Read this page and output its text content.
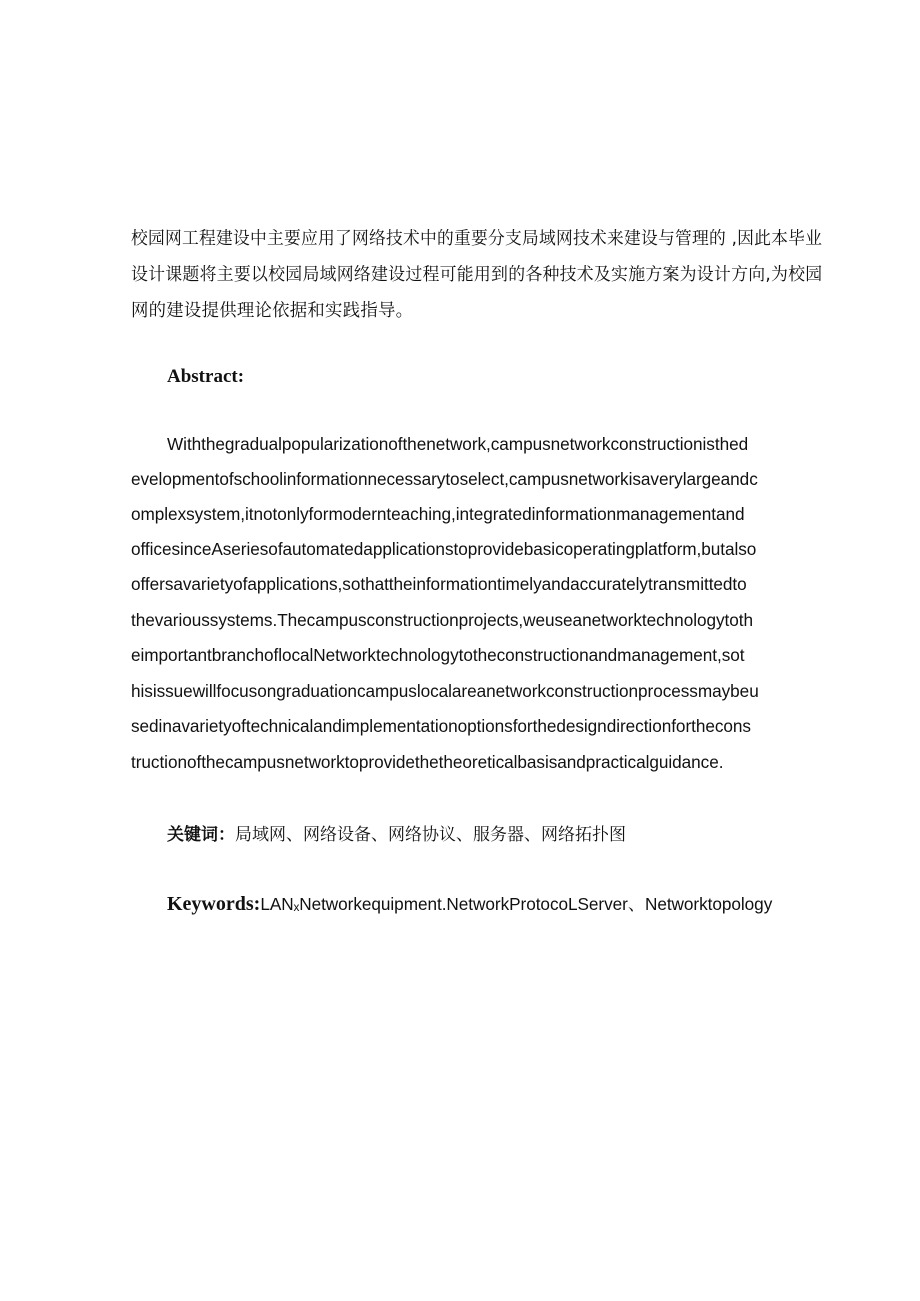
校园网工程建设中主要应用了网络技术中的重要分支局域网技术来建设与管理的 ,因此本毕业

设计课题将主要以校园局域网络建设过程可能用到的各种技术及实施方案为设计方向,为校园

网的建设提供理论依据和实践指导。

Abstract:

Withthegradualpopularizationofthenetwork,campusnetworkconstructionisthed

evelopmentofschoolinformationnecessarytoselect,campusnetworkisaverylargeandc

omplexsystem,itnotonlyformodernteaching,integratedinformationmanagementand

officesinceAseriesofautomatedapplicationstoprovidebasicoperatingplatform,butalso

offersavarietyofapplications,sothattheinformationtimelyandaccuratelytransmittedto

thevarioussystems.Thecampusconstructionprojects,weuseanetworktechnologytoth

eimportantbranchoflocalNetworktechnologytotheconstructionandmanagement,sot

hisissuewillfocusongraduationcampuslocalareanetworkconstructionprocessmaybeu

sedinavarietyoftechnicalandimplementationoptionsforthedesigndirectionforthecons

tructionofthecampusnetworktoprovidethetheoreticalbasisandpracticalguidance.

关键词：局域网、网络设备、网络协议、服务器、网络拓扑图

Keywords:LANₓNetworkequipment.NetworkProtocoLServer、Networktopology
